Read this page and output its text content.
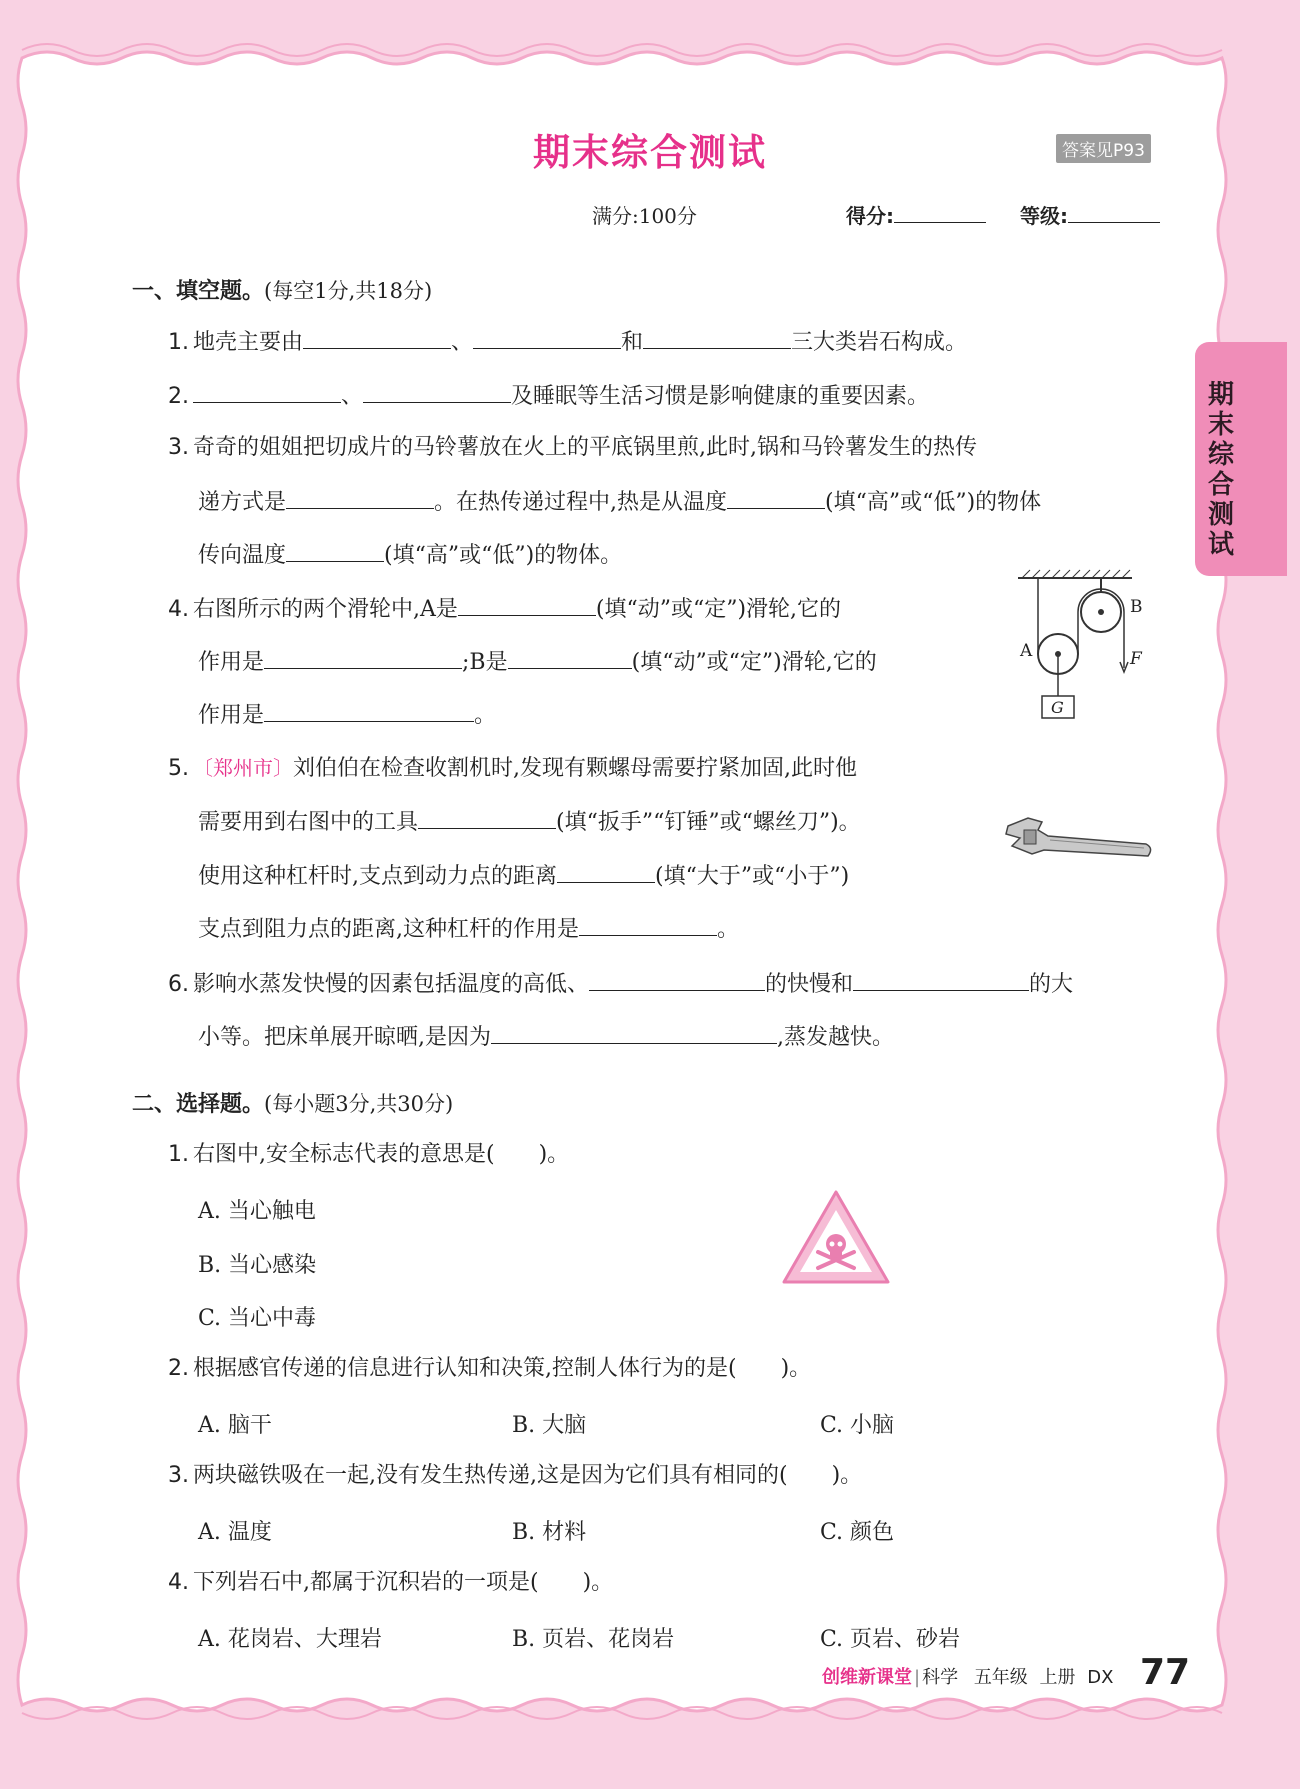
期末综合测试
期末综合测试	答案见P93
满分:100分	得分:	等级:
一、填空题。(每空1分,共18分)
1. 地壳主要由	、	和	三大类岩石构成。
2.	、	及睡眠等生活习惯是影响健康的重要因素。
3. 奇奇的姐姐把切成片的马铃薯放在火上的平底锅里煎,此时,锅和马铃薯发生的热传
递方式是	。在热传递过程中,热是从温度	(填“高”或“低”)的物体
传向温度	(填“高”或“低”)的物体。
4. 右图所示的两个滑轮中,A是	(填“动”或“定”)滑轮,它的
作用是	;B是	(填“动”或“定”)滑轮,它的
作用是	。
A
B
F
G
5. 〔郑州市〕刘伯伯在检查收割机时,发现有颗螺母需要拧紧加固,此时他
需要用到右图中的工具	(填“扳手”“钉锤”或“螺丝刀”)。
使用这种杠杆时,支点到动力点的距离	(填“大于”或“小于”)
支点到阻力点的距离,这种杠杆的作用是	。
6. 影响水蒸发快慢的因素包括温度的高低、	的快慢和	的大
小等。把床单展开晾晒,是因为	,蒸发越快。
二、选择题。(每小题3分,共30分)
1. 右图中,安全标志代表的意思是( )。
A. 当心触电
B. 当心感染
C. 当心中毒
2. 根据感官传递的信息进行认知和决策,控制人体行为的是( )。
A. 脑干	B. 大脑	C. 小脑
3. 两块磁铁吸在一起,没有发生热传递,这是因为它们具有相同的( )。
A. 温度	B. 材料	C. 颜色
4. 下列岩石中,都属于沉积岩的一项是( )。
A. 花岗岩、大理岩	B. 页岩、花岗岩	C. 页岩、砂岩
创维新课堂 | 科学 五年级 上册 DX 77
